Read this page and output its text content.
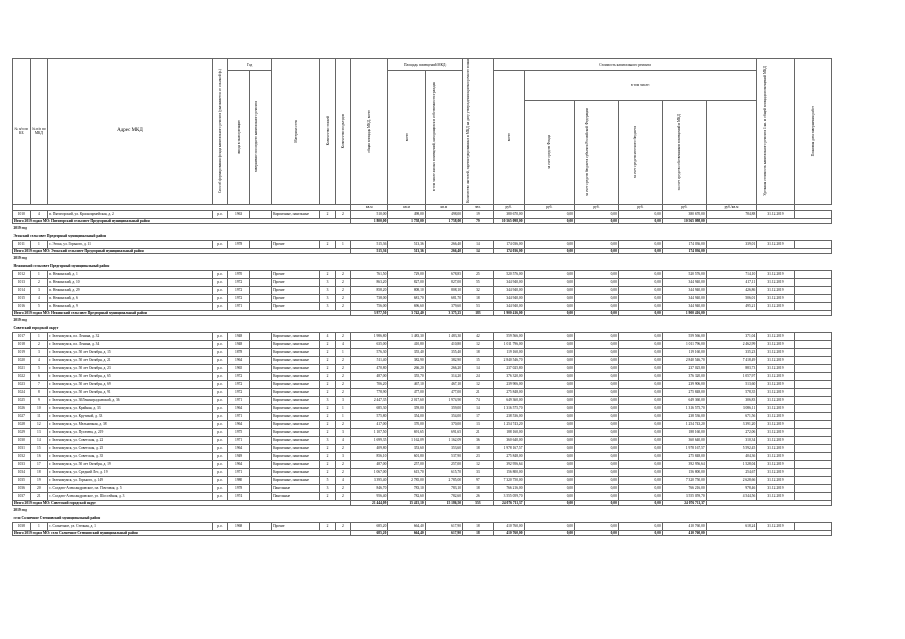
№ п/п по КБ	№ п/п по МКД	Адрес МКД	Способ формирования фонда капитального ремонта (указывается со ссылкой ф.)	Год		Материал стен	Количество этажей	Количество подъездов	общая площадь МКД, всего	Площадь помещений МКД:		Количество жителей, зарегистрированных в МКД на дату утверждения краткосрочного плана	Стоимость капитального ремонта						Удельная стоимость капитального ремонта 1 кв. м общей площади помещений МКД	Плановая дата завершения работ
				ввода в эксплуатацию	завершение последнего капитального ремонта					всего	в том числе жилых помещений, находящихся в собственности граждан		всего	в том числе:						
														за счет средств Фонда	за счет средств бюджета субъекта Российской Федерации	за счет средств местного бюджета	за счет средств собственников помещений в МКД			
									кв.м	кв.м	кв.м	чел.	руб.	руб.	руб.	руб.	руб.	руб./кв.м		
1010	4	п. Пятигорский, ул. Красноармейская, д. 2	р.о.	1963		Кирпичные, панельные	2	2	510,00	498,00	498,00	19	380 670,00	0,00	0,00	0,00	380 670,00	784,88	31.12.2019	
Итого 2019 годам МО: Пятигорский сельсовет Предгорный муниципальный район									1 800,00	1 758,00	1 758,00	79	10 565 098,00	0,00	0,00	0,00	10 565 098,00			
2019 год																				
Этокский сельсовет Предгорный муниципальный район																				
1011	1	с. Этока, ул. Горького, д. 11	р.о.	1978		Прочие	2	1	515,36	513,36	266,40	14	174 036,00	0,00	0,00	0,00	174 036,00	339,01	31.12.2019	
Итого 2019 годам МО: Этокский сельсовет Предгорный муниципальный район									515,36	513,36	266,40	14	174 036,00	0,00	0,00	0,00	174 036,00			
2019 год																				
Нежинский сельсовет Предгорный муниципальный район																				
1012	1	п. Нежинский, д. 1	р.о.	1970		Прочие	2	2	761,50	729,00	678,85	25	520 576,00	0,00	0,00	0,00	520 576,00	714,10	31.12.2019	
1013	2	п. Нежинский, д. 10	р.о.	1972		Прочие	3	2	863,20	827,00	827,00	55	344 940,00	0,00	0,00	0,00	344 940,00	417,11	31.12.2019	
1014	3	п. Нежинский, д. 29	р.о.	1972		Прочие	3	2	858,20	808,10	808,10	32	344 940,00	0,00	0,00	0,00	344 940,00	426,86	31.12.2019	
1015	4	п. Нежинский, д. 6	р.о.	1972		Прочие	3	2	738,00	681,70	681,70	18	344 940,00	0,00	0,00	0,00	344 940,00	506,01	31.12.2019	
1016	5	п. Нежинский, д. 9	р.о.	1971		Прочие	3	2	756,00	696,60	379,60	53	344 940,00	0,00	0,00	0,00	344 940,00	495,21	31.12.2019	
Итого 2019 годам МО: Нежинский сельсовет Предгорный муниципальный район									3 977,50	3 742,40	3 375,25	183	1 900 416,00	0,00	0,00	0,00	1 900 416,00			
2019 год																				
Советский городской округ																				
1017	1	г. Зеленокумск, пл. Ленина, д. 32	р.о.	1948		Кирпичные, панельные	4	2	1 986,80	1 483,30	1 483,30	42	559 566,00	0,00	0,00	0,00	559 566,00	371,04	31.12.2019	
1018	2	г. Зеленокумск, пл. Ленина, д. 34	р.о.	1948		Кирпичные, панельные	2	4	635,00	410,80	410,80	12	1 011 796,00	0,00	0,00	0,00	1 011 796,00	2 462,99	31.12.2019	
1019	3	г. Зеленокумск, ул. 50 лет Октября, д. 15	р.о.	1878		Кирпичные, панельные	2	1	576,30	355,40	355,40	18	119 160,00	0,00	0,00	0,00	119 160,00	335,23	31.12.2019	
1020	4	г. Зеленокумск, ул. 50 лет Октября, д. 21	р.о.	1964		Кирпичные, панельные	2	2	511,40	382,90	382,90	15	2 840 546,70	0,00	0,00	0,00	2 840 546,70	7 418,49	31.12.2019	
1021	5	г. Зеленокумск, ул. 50 лет Октября, д. 23	р.о.	1965		Кирпичные, панельные	2	2	470,80	266,20	266,20	14	237 025,80	0,00	0,00	0,00	237 025,80	883,73	31.12.2019	
1022	6	г. Зеленокумск, ул. 50 лет Октября, д. 65	р.о.	1972		Кирпичные, панельные	2	2	487,00	355,70	314,20	24	376 320,00	0,00	0,00	0,00	376 320,00	1 057,97	31.12.2019	
1023	7	г. Зеленокумск, ул. 50 лет Октября, д. 69	р.о.	1972		Кирпичные, панельные	2	2	706,20	467,10	467,10	12	239 906,00	0,00	0,00	0,00	239 906,00	513,60	31.12.2019	
1024	8	г. Зеленокумск, ул. 50 лет Октября, д. 91	р.о.	1972		Кирпичные, панельные	2	2	778,90	477,00	477,00	21	275 848,00	0,00	0,00	0,00	275 848,00	578,35	31.12.2019	
1025	9	г. Зеленокумск, ул. 30Ленинградоавской, д. 36	р.о.	1971		Кирпичные, панельные	3	3	2 447,35	2 017,60	1 974,90	74	649 360,00	0,00	0,00	0,00	649 360,00	306,83	31.12.2019	
1026	10	г. Зеленокумск, ул. Крайняя, д. 33	р.о.	1964		Кирпичные, панельные	2	1	685,30	359,00	359,00	14	1 316 575,70	0,00	0,00	0,00	1 316 575,70	3 086,11	31.12.2019	
1027	11	г. Зеленокумск, ул. Крутикой, д. 33	р.о.	1971		Кирпичные, панельные	2	1	575,80	354,00	354,00	17	238 536,00	0,00	0,00	0,00	238 536,00	671,56	31.12.2019	
1028	12	г. Зеленокумск, ул. Мельничная, д. 38	р.о.	1964		Кирпичные, панельные	2	2	417,00	370,00	370,00	13	1 254 743,20	0,00	0,00	0,00	1 254 743,20	3 391,20	31.12.2019	
1029	13	г. Зеленокумск, ул. Пугачева, д. 219	р.о.	1975		Кирпичные, панельные	2	3	1 107,50	691,65	691,65	21	188 160,00	0,00	0,00	0,00	188 160,00	272,06	31.12.2019	
1030	14	г. Зеленокумск, ул. Советская, д. 22	р.о.	1971		Кирпичные, панельные	3	4	1 699,35	1 162,09	1 162,09	36	360 640,00	0,00	0,00	0,00	360 640,00	310,34	31.12.2019	
1031	15	г. Зеленокумск, ул. Советская, д. 25	р.о.	1964		Кирпичные, панельные	2	2	409,80	353,60	353,60	18	1 978 167,57	0,00	0,00	0,00	1 978 167,57	5 592,45	31.12.2019	
1032	16	г. Зеленокумск, ул. Советская, д. 35	р.о.	1949		Кирпичные, панельные	2	3	856,10	601,80	537,90	23	275 848,00	0,00	0,00	0,00	275 848,00	404,36	31.12.2019	
1033	17	г. Зеленокумск, ул. 50 лет Октября, д. 19	р.о.	1964		Кирпичные, панельные	2	2	487,00	257,00	257,00	12	392 956,64	0,00	0,00	0,00	392 956,64	1 528,04	31.12.2019	
1034	18	г. Зеленокумск, ул. Средний Лес, д. 19	р.о.	1971		Кирпичные, панельные	2	2	1 067,00	615,70	615,70	33	156 800,00	0,00	0,00	0,00	156 800,00	254,67	31.12.2019	
1035	19	г. Зеленокумск, ул. Горького, д. 149	р.о.	1980		Кирпичные, панельные	5	4	3 395,40	2 785,00	2 785,00	97	7 320 750,00	0,00	0,00	0,00	7 320 750,00	2 628,66	31.12.2019	
1036	20	с. Солдато-Александровское, пл. Почтовая, д. 5	р.о.	1978		Панельные	3	2	846,70	783,10	783,10	18	766 216,00	0,00	0,00	0,00	766 216,00	978,46	31.12.2019	
1037	21	с. Солдато-Александровское, ул. Шоссейная, д. 3	р.о.	1974		Панельные	2	2	956,40	782,60	782,60	26	3 555 059,70	0,00	0,00	0,00	3 555 059,70	4 544,56	31.12.2019	
Итого 2019 годам МО: Советский городской округ									21 444,09	15 415,10	15 186,50	553	24 076 711,37	0,00	0,00	0,00	24 076 711,37			
2019 год																				
село Солнечное Степновский муниципальный район																				
1038	1	с. Солнечное, ул. Степная, д. 1	р.о.	1968		Прочие	2	2	685,20	664,40	617,90	18	410 760,00	0,00	0,00	0,00	410 760,00	618,24	31.12.2019	
Итого 2019 годам МО: село Солнечное Степновский муниципальный район									685,20	664,40	617,90	18	410 760,00	0,00	0,00	0,00	410 760,00			
